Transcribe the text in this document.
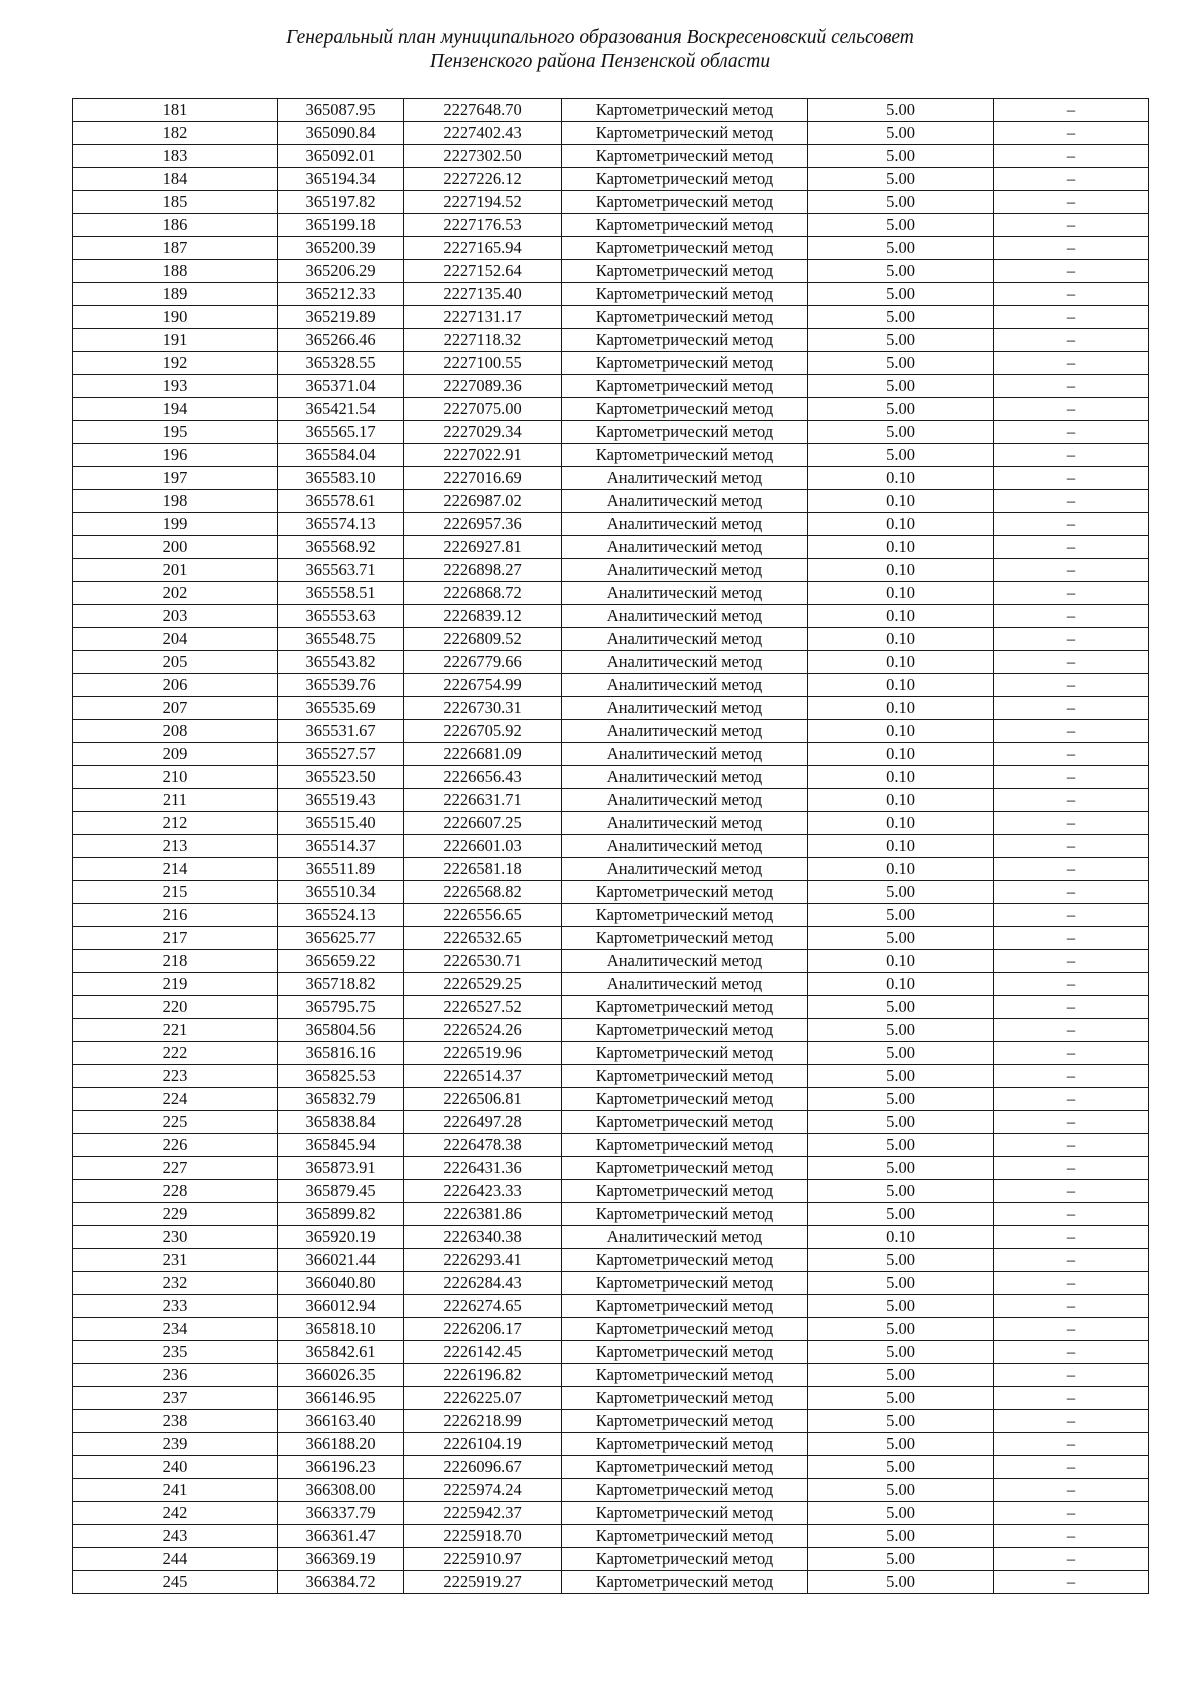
Генеральный план муниципального образования Воскресеновский сельсовет
Пензенского района Пензенской области
181	365087.95	2227648.70	Картометрический метод	5.00	–
182	365090.84	2227402.43	Картометрический метод	5.00	–
183	365092.01	2227302.50	Картометрический метод	5.00	–
184	365194.34	2227226.12	Картометрический метод	5.00	–
185	365197.82	2227194.52	Картометрический метод	5.00	–
186	365199.18	2227176.53	Картометрический метод	5.00	–
187	365200.39	2227165.94	Картометрический метод	5.00	–
188	365206.29	2227152.64	Картометрический метод	5.00	–
189	365212.33	2227135.40	Картометрический метод	5.00	–
190	365219.89	2227131.17	Картометрический метод	5.00	–
191	365266.46	2227118.32	Картометрический метод	5.00	–
192	365328.55	2227100.55	Картометрический метод	5.00	–
193	365371.04	2227089.36	Картометрический метод	5.00	–
194	365421.54	2227075.00	Картометрический метод	5.00	–
195	365565.17	2227029.34	Картометрический метод	5.00	–
196	365584.04	2227022.91	Картометрический метод	5.00	–
197	365583.10	2227016.69	Аналитический метод	0.10	–
198	365578.61	2226987.02	Аналитический метод	0.10	–
199	365574.13	2226957.36	Аналитический метод	0.10	–
200	365568.92	2226927.81	Аналитический метод	0.10	–
201	365563.71	2226898.27	Аналитический метод	0.10	–
202	365558.51	2226868.72	Аналитический метод	0.10	–
203	365553.63	2226839.12	Аналитический метод	0.10	–
204	365548.75	2226809.52	Аналитический метод	0.10	–
205	365543.82	2226779.66	Аналитический метод	0.10	–
206	365539.76	2226754.99	Аналитический метод	0.10	–
207	365535.69	2226730.31	Аналитический метод	0.10	–
208	365531.67	2226705.92	Аналитический метод	0.10	–
209	365527.57	2226681.09	Аналитический метод	0.10	–
210	365523.50	2226656.43	Аналитический метод	0.10	–
211	365519.43	2226631.71	Аналитический метод	0.10	–
212	365515.40	2226607.25	Аналитический метод	0.10	–
213	365514.37	2226601.03	Аналитический метод	0.10	–
214	365511.89	2226581.18	Аналитический метод	0.10	–
215	365510.34	2226568.82	Картометрический метод	5.00	–
216	365524.13	2226556.65	Картометрический метод	5.00	–
217	365625.77	2226532.65	Картометрический метод	5.00	–
218	365659.22	2226530.71	Аналитический метод	0.10	–
219	365718.82	2226529.25	Аналитический метод	0.10	–
220	365795.75	2226527.52	Картометрический метод	5.00	–
221	365804.56	2226524.26	Картометрический метод	5.00	–
222	365816.16	2226519.96	Картометрический метод	5.00	–
223	365825.53	2226514.37	Картометрический метод	5.00	–
224	365832.79	2226506.81	Картометрический метод	5.00	–
225	365838.84	2226497.28	Картометрический метод	5.00	–
226	365845.94	2226478.38	Картометрический метод	5.00	–
227	365873.91	2226431.36	Картометрический метод	5.00	–
228	365879.45	2226423.33	Картометрический метод	5.00	–
229	365899.82	2226381.86	Картометрический метод	5.00	–
230	365920.19	2226340.38	Аналитический метод	0.10	–
231	366021.44	2226293.41	Картометрический метод	5.00	–
232	366040.80	2226284.43	Картометрический метод	5.00	–
233	366012.94	2226274.65	Картометрический метод	5.00	–
234	365818.10	2226206.17	Картометрический метод	5.00	–
235	365842.61	2226142.45	Картометрический метод	5.00	–
236	366026.35	2226196.82	Картометрический метод	5.00	–
237	366146.95	2226225.07	Картометрический метод	5.00	–
238	366163.40	2226218.99	Картометрический метод	5.00	–
239	366188.20	2226104.19	Картометрический метод	5.00	–
240	366196.23	2226096.67	Картометрический метод	5.00	–
241	366308.00	2225974.24	Картометрический метод	5.00	–
242	366337.79	2225942.37	Картометрический метод	5.00	–
243	366361.47	2225918.70	Картометрический метод	5.00	–
244	366369.19	2225910.97	Картометрический метод	5.00	–
245	366384.72	2225919.27	Картометрический метод	5.00	–
